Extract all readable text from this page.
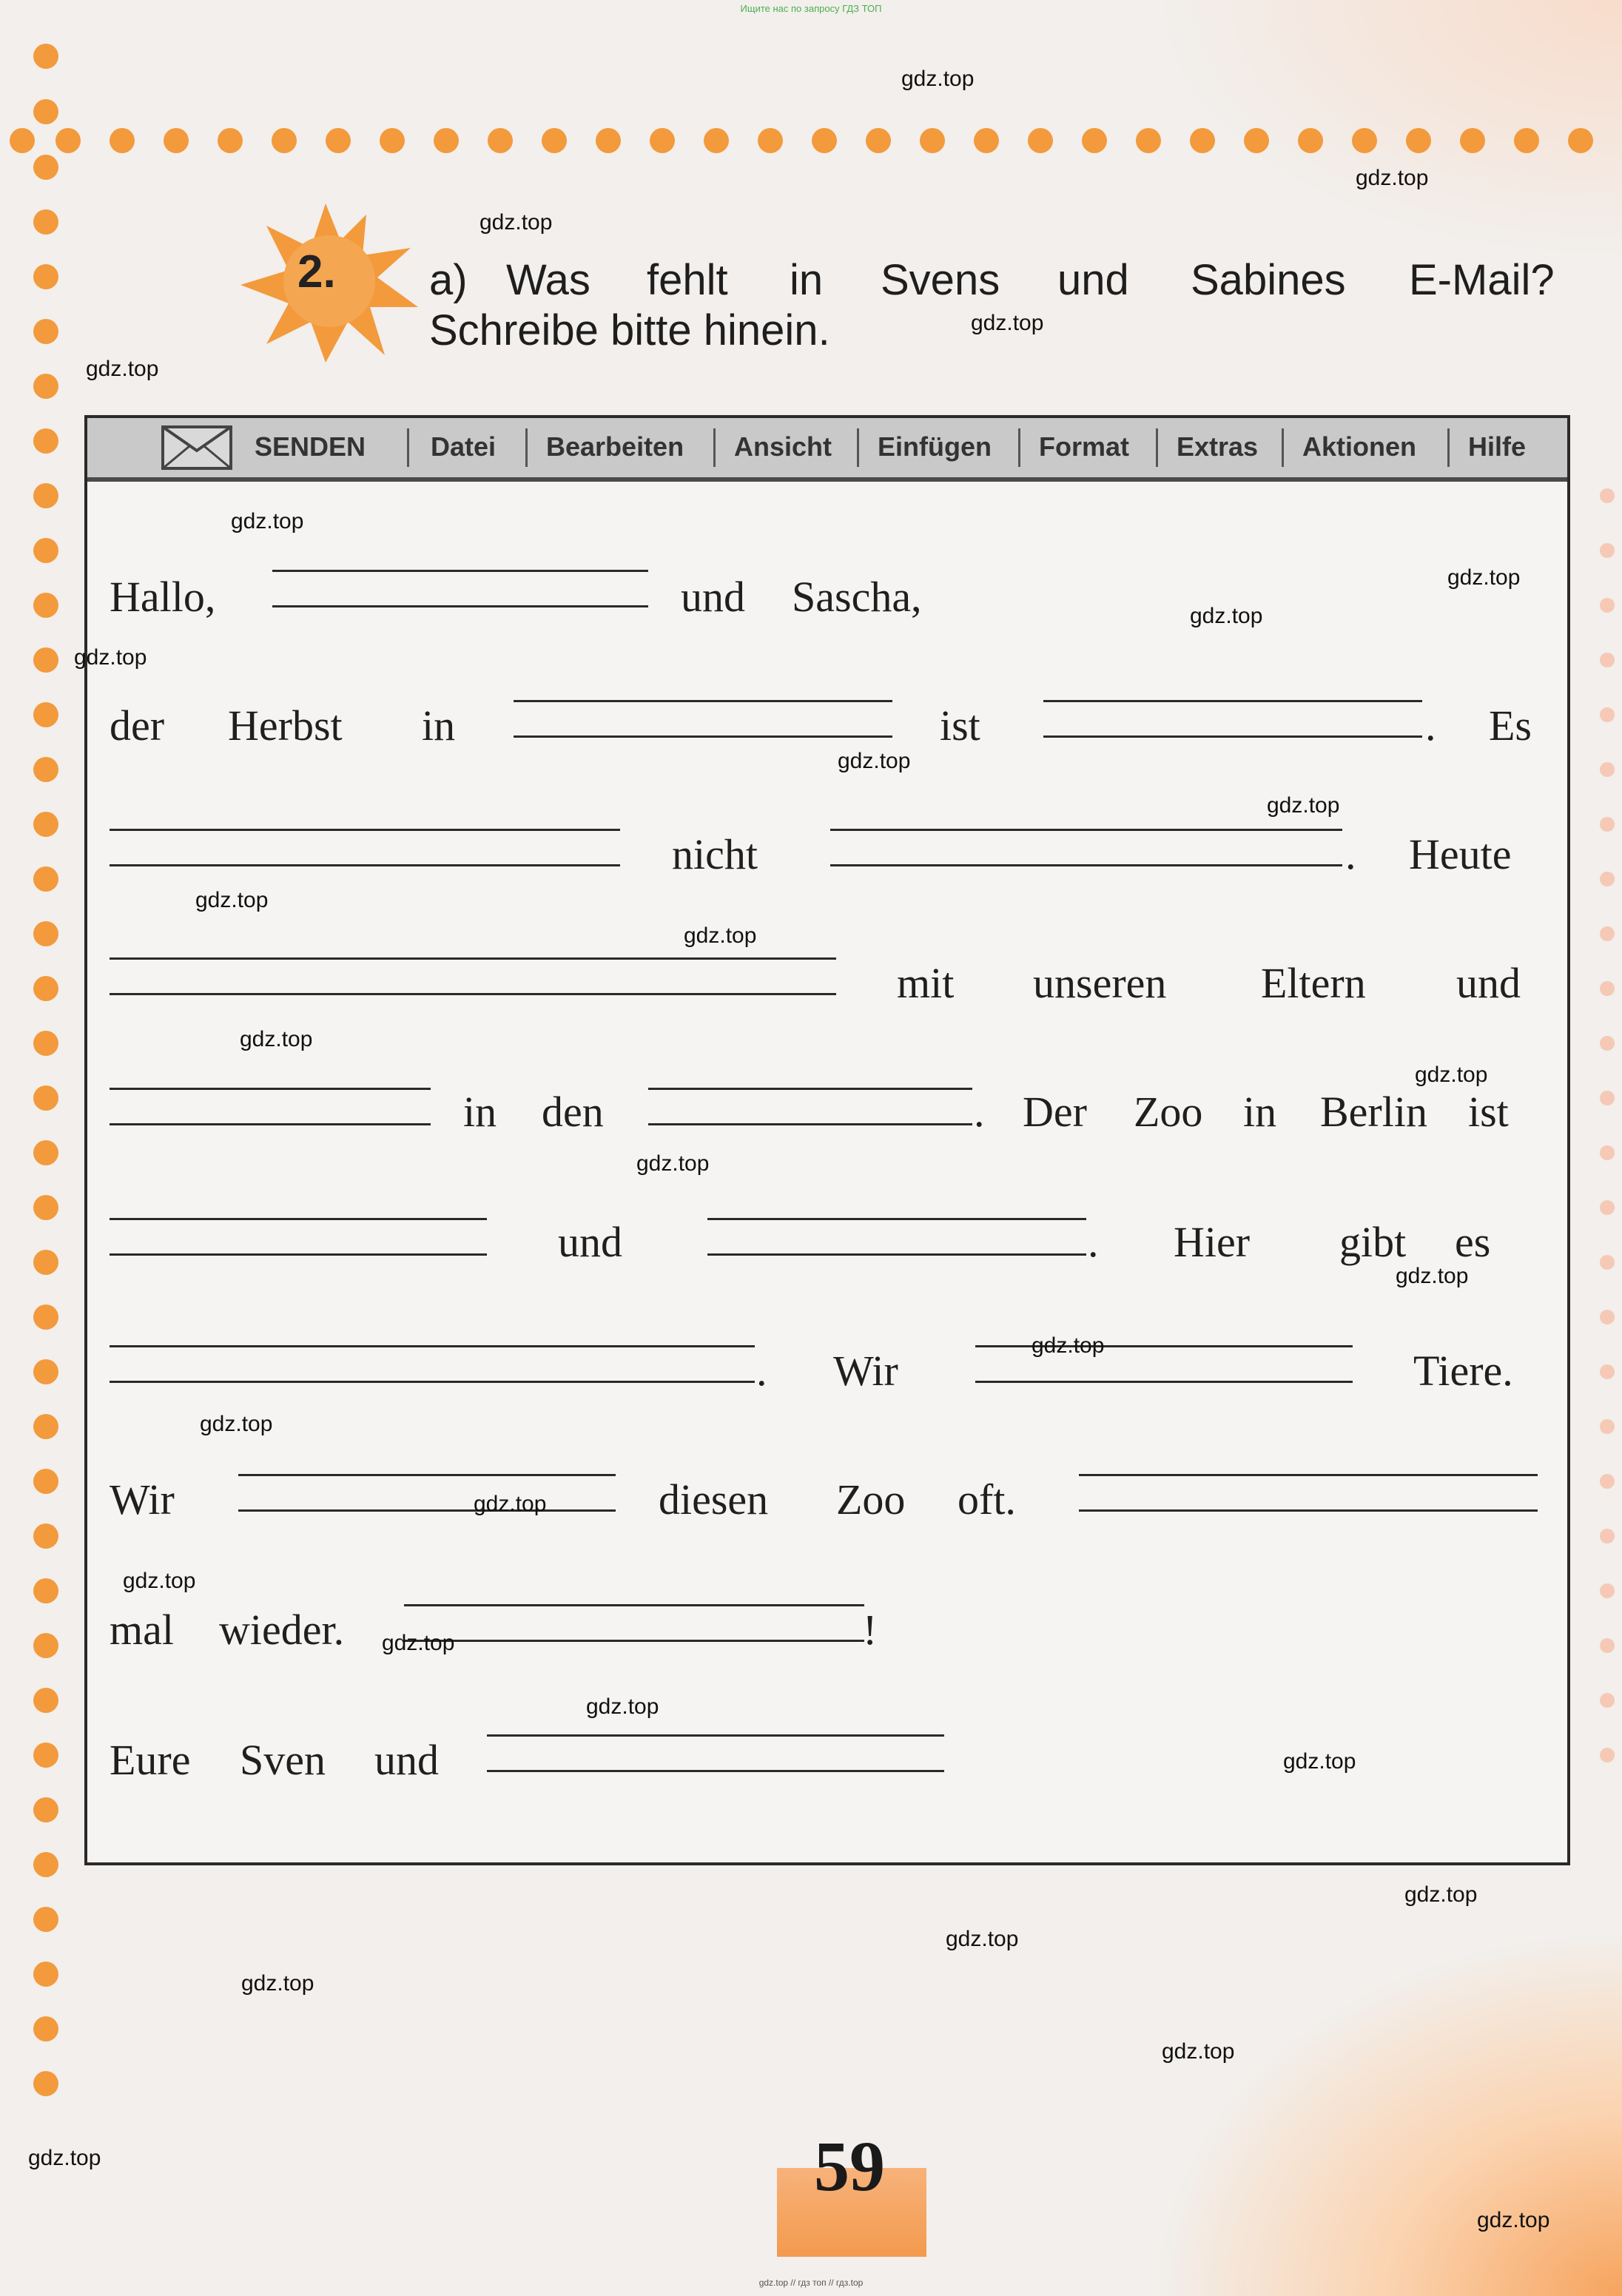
Ищите нас по запросу ГДЗ ТОП
2. a) Was fehlt in Svens und Sabines E-Mail?
Schreibe bitte hinein.
SENDEN Datei Bearbeiten Ansicht Einfügen Format Extras Aktionen Hilfe
Hallo,	und Sascha,
der Herbst in	ist	. Es
nicht	. Heute
mit unseren Eltern und
in den	. Der Zoo in Berlin ist
und	. Hier gibt es
. Wir	Tiere.
Wir	diesen Zoo oft.
mal wieder.	!
Eure Sven und
59
gdz.top
gdz.top
gdz.top
gdz.top
gdz.top
gdz.top
gdz.top
gdz.top
gdz.top
gdz.top
gdz.top
gdz.top
gdz.top
gdz.top
gdz.top
gdz.top
gdz.top
gdz.top
gdz.top
gdz.top
gdz.top
gdz.top
gdz.top
gdz.top
gdz.top
gdz.top
gdz.top
gdz.top
gdz.top
gdz.top
gdz.top // гдз топ // гдз.top
